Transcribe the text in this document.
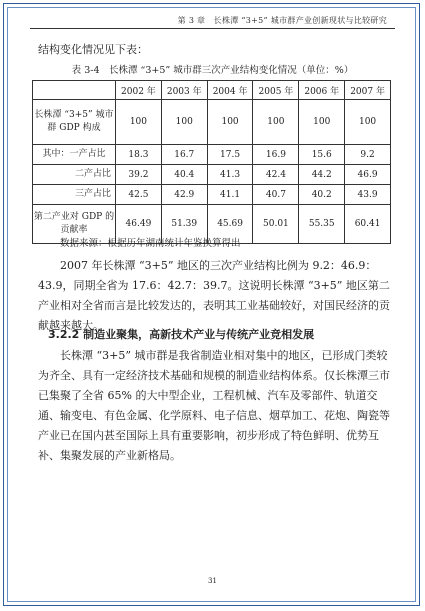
第 3 章　长株潭 “3+5” 城市群产业创新现状与比较研究
结构变化情况见下表：
表 3-4　长株潭 “3+5” 城市群三次产业结构变化情况（单位：%）
	2002 年	2003 年	2004 年	2005 年	2006 年	2007 年
长株潭 “3+5” 城市群 GDP 构成	100	100	100	100	100	100
其中：一产占比	18.3	16.7	17.5	16.9	15.6	9.2
二产占比	39.2	40.4	41.3	42.4	44.2	46.9
三产占比	42.5	42.9	41.1	40.7	40.2	43.9
第二产业对 GDP 的贡献率	46.49	51.39	45.69	50.01	55.35	60.41
数据来源：根据历年湖南统计年鉴换算得出
2007 年长株潭 “3+5” 地区的三次产业结构比例为 9.2：46.9：43.9，同期全省为 17.6：42.7：39.7。这说明长株潭 “3+5” 地区第二产业相对全省而言是比较发达的，表明其工业基础较好，对国民经济的贡献越来越大。
3.2.2 制造业聚集，高新技术产业与传统产业竞相发展
长株潭 “3+5” 城市群是我省制造业相对集中的地区，已形成门类较为齐全、具有一定经济技术基础和规模的制造业结构体系。仅长株潭三市已集聚了全省 65% 的大中型企业，工程机械、汽车及零部件、轨道交通、输变电、有色金属、化学原料、电子信息、烟草加工、花炮、陶瓷等产业已在国内甚至国际上具有重要影响，初步形成了特色鲜明、优势互补、集聚发展的产业新格局。
31
